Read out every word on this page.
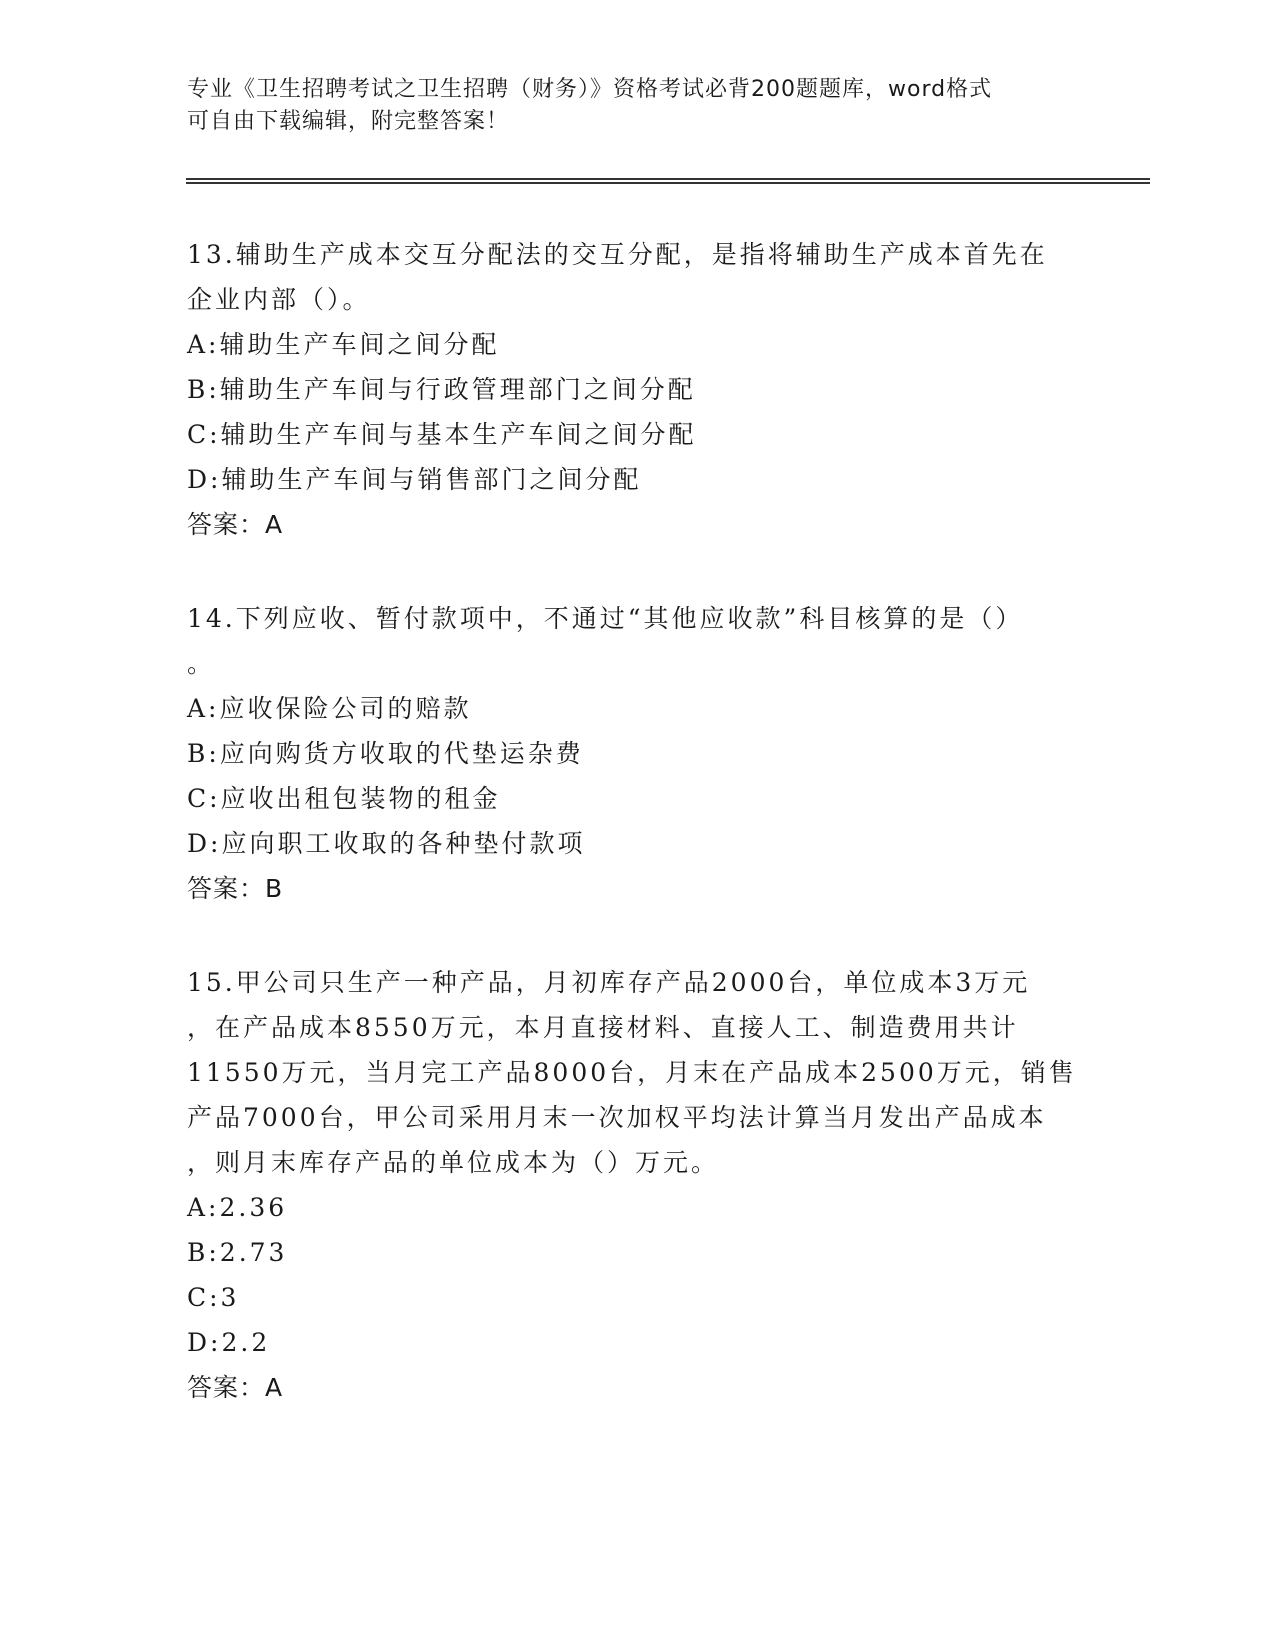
专业《卫生招聘考试之卫生招聘（财务）》资格考试必背200题题库，word格式
可自由下载编辑，附完整答案！
13.辅助生产成本交互分配法的交互分配，是指将辅助生产成本首先在
企业内部（）。
A:辅助生产车间之间分配
B:辅助生产车间与行政管理部门之间分配
C:辅助生产车间与基本生产车间之间分配
D:辅助生产车间与销售部门之间分配
答案：A
14.下列应收、暂付款项中，不通过“其他应收款”科目核算的是（）
。
A:应收保险公司的赔款
B:应向购货方收取的代垫运杂费
C:应收出租包装物的租金
D:应向职工收取的各种垫付款项
答案：B
15.甲公司只生产一种产品，月初库存产品2000台，单位成本3万元
，在产品成本8550万元，本月直接材料、直接人工、制造费用共计
11550万元，当月完工产品8000台，月末在产品成本2500万元，销售
产品7000台，甲公司采用月末一次加权平均法计算当月发出产品成本
，则月末库存产品的单位成本为（）万元。
A:2.36
B:2.73
C:3
D:2.2
答案：A
